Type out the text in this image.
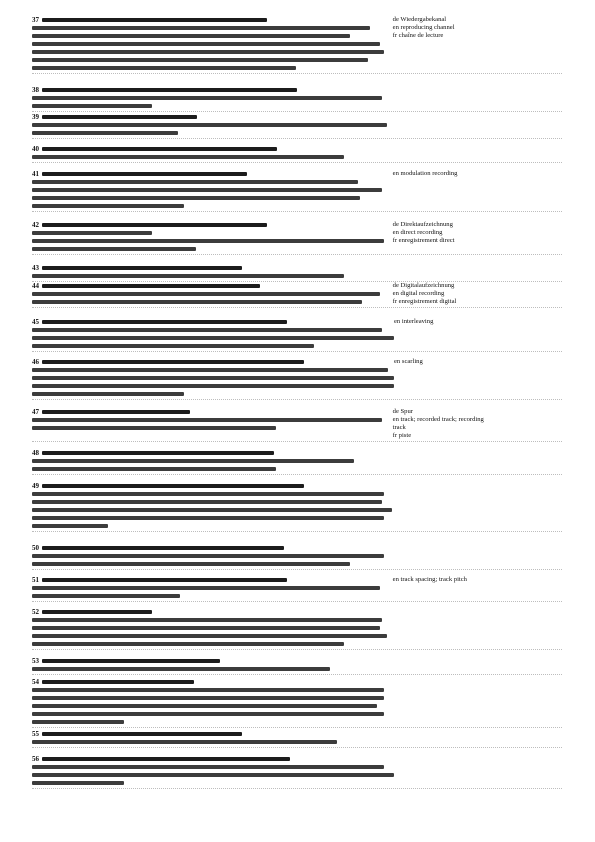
37	de Wiedergabekanal
en reproducing channel
fr chaîne de lecture
38
39
40
41	en modulation recording
42	de Direktaufzeichnung
en direct recording
fr enregistrement direct
43
44	de Digitalaufzeichnung
en digital recording
fr enregistrement digital
45	en interleaving
46	en scarling
47	de Spur
en track; recorded track; recording
track
fr piste
48
49
50
51	en track spacing; track pitch
52
53
54
55
56
